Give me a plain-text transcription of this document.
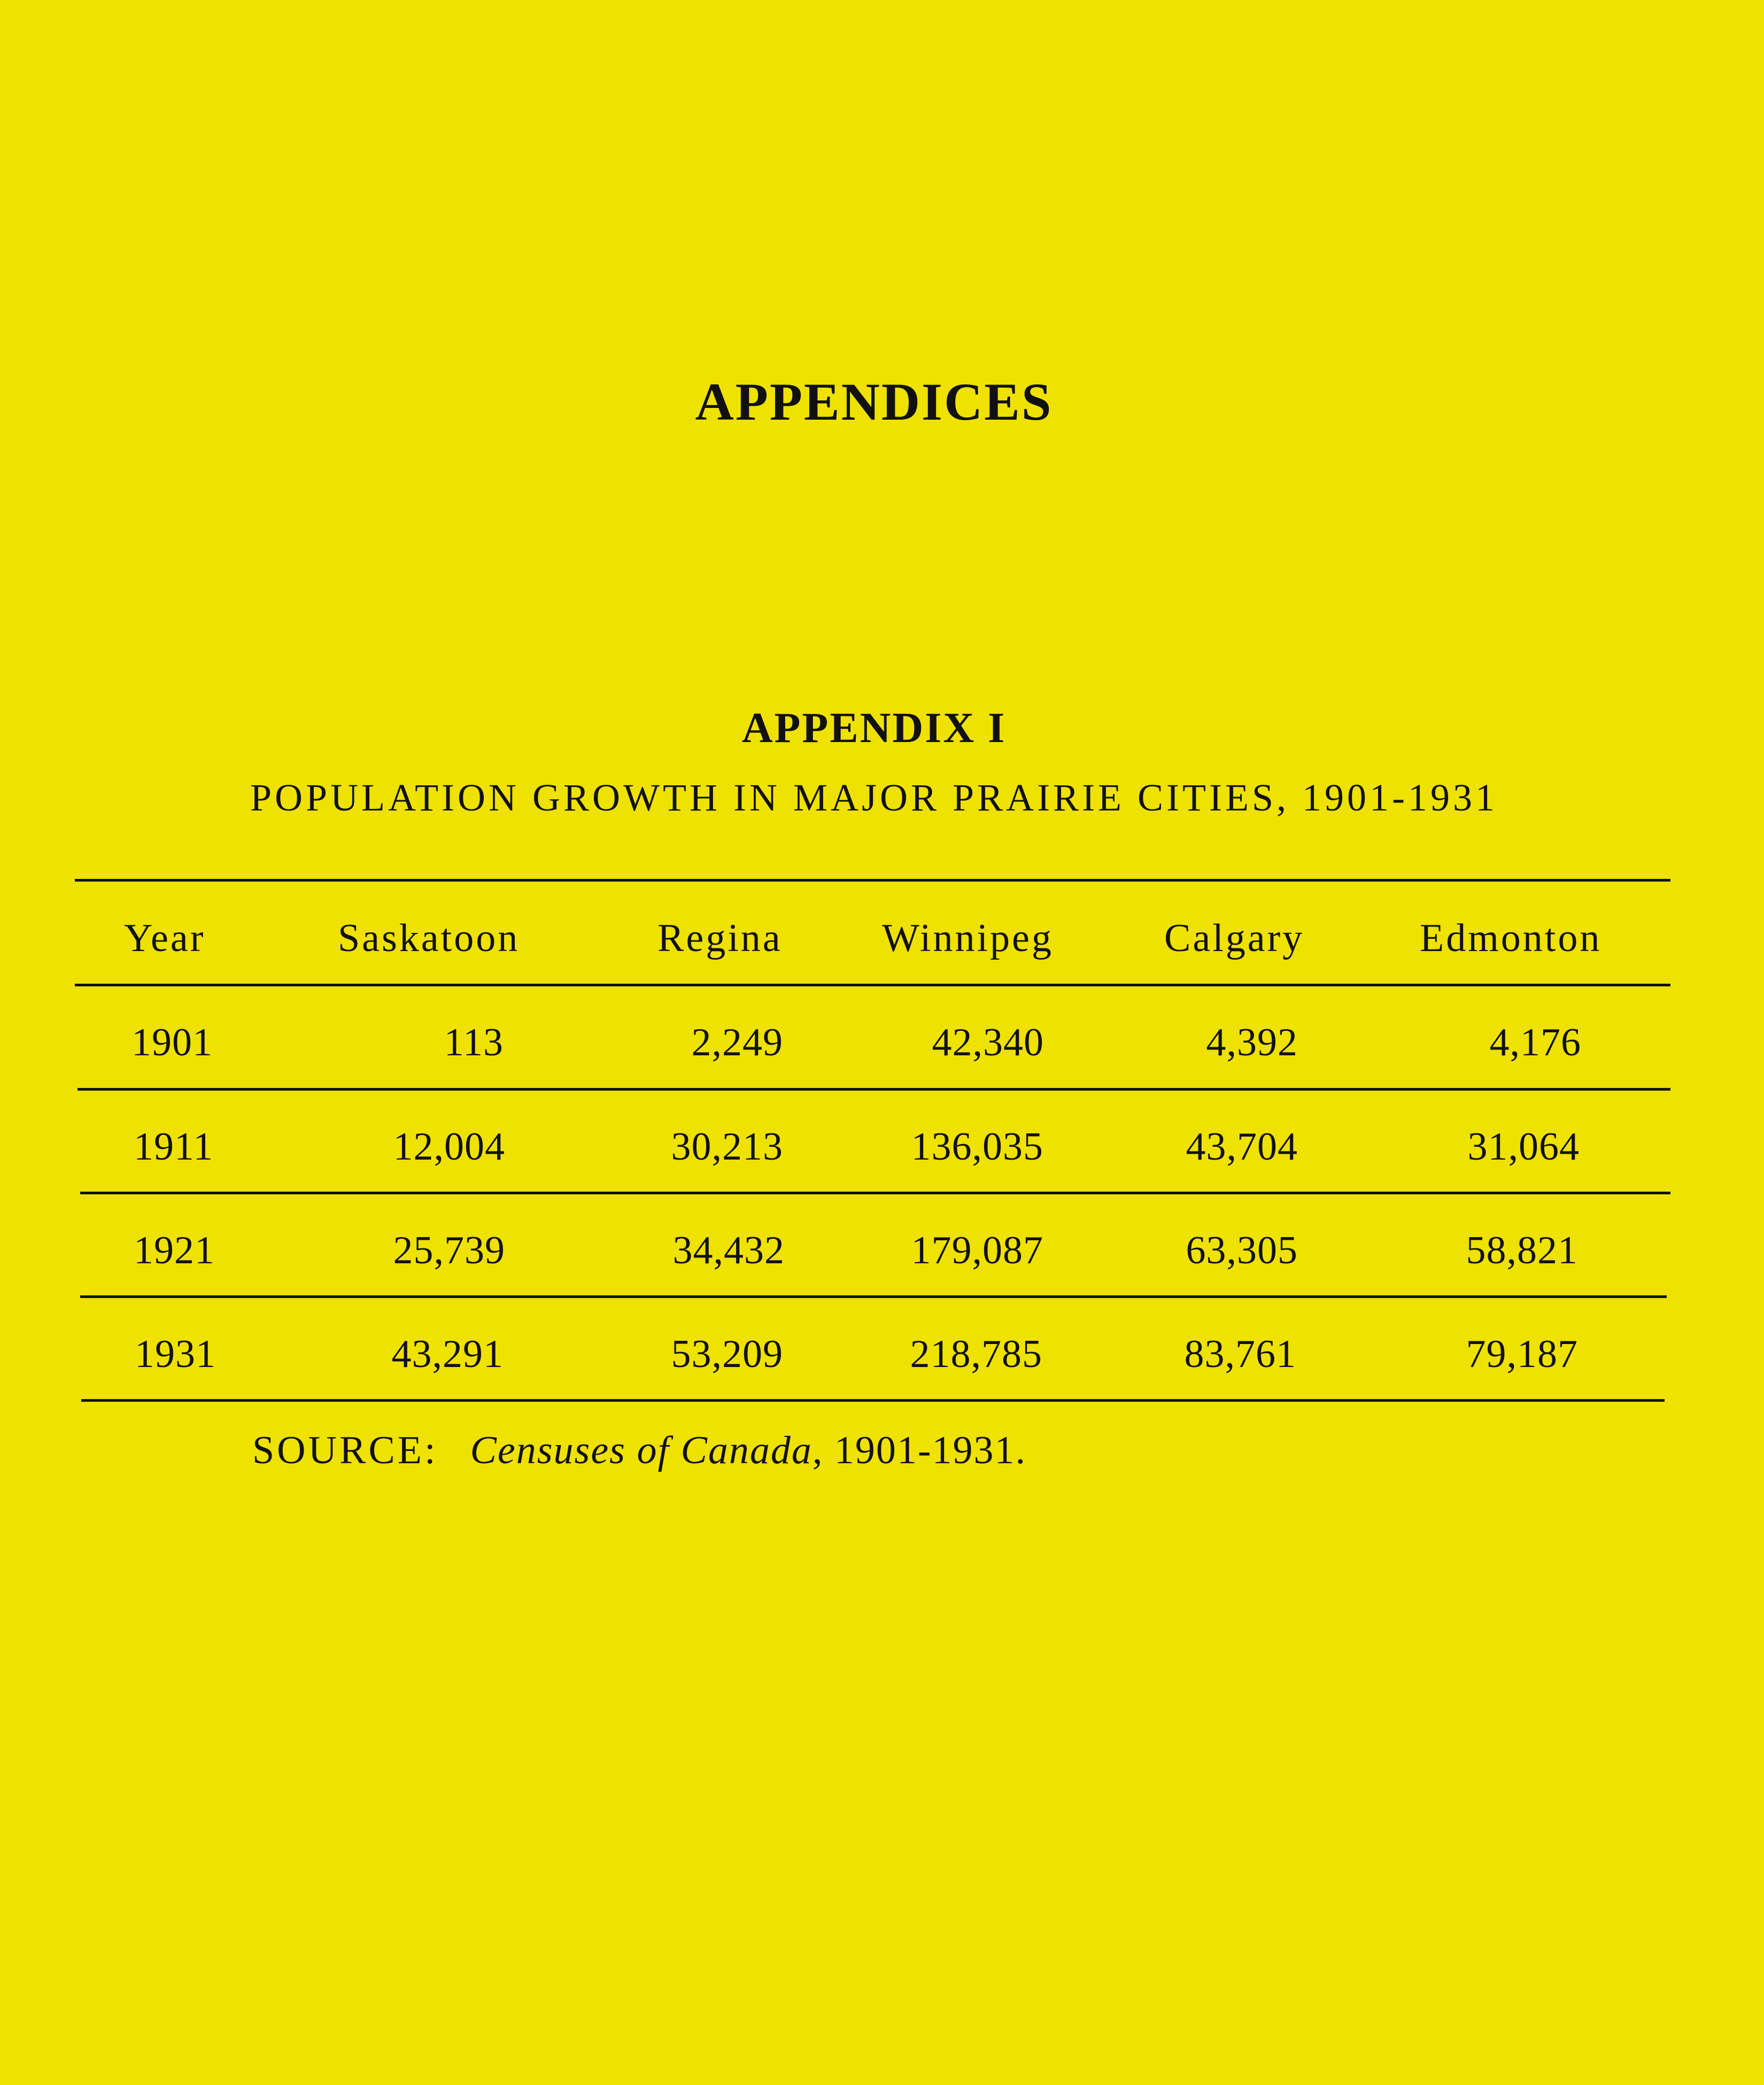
APPENDICES
APPENDIX I
POPULATION GROWTH IN MAJOR PRAIRIE CITIES, 1901-1931
Year	Saskatoon	Regina	Winnipeg	Calgary	Edmonton
1901	113	2,249	42,340	4,392	4,176
1911	12,004	30,213	136,035	43,704	31,064
1921	25,739	34,432	179,087	63,305	58,821
1931	43,291	53,209	218,785	83,761	79,187
SOURCE: Censuses of Canada, 1901-1931.
